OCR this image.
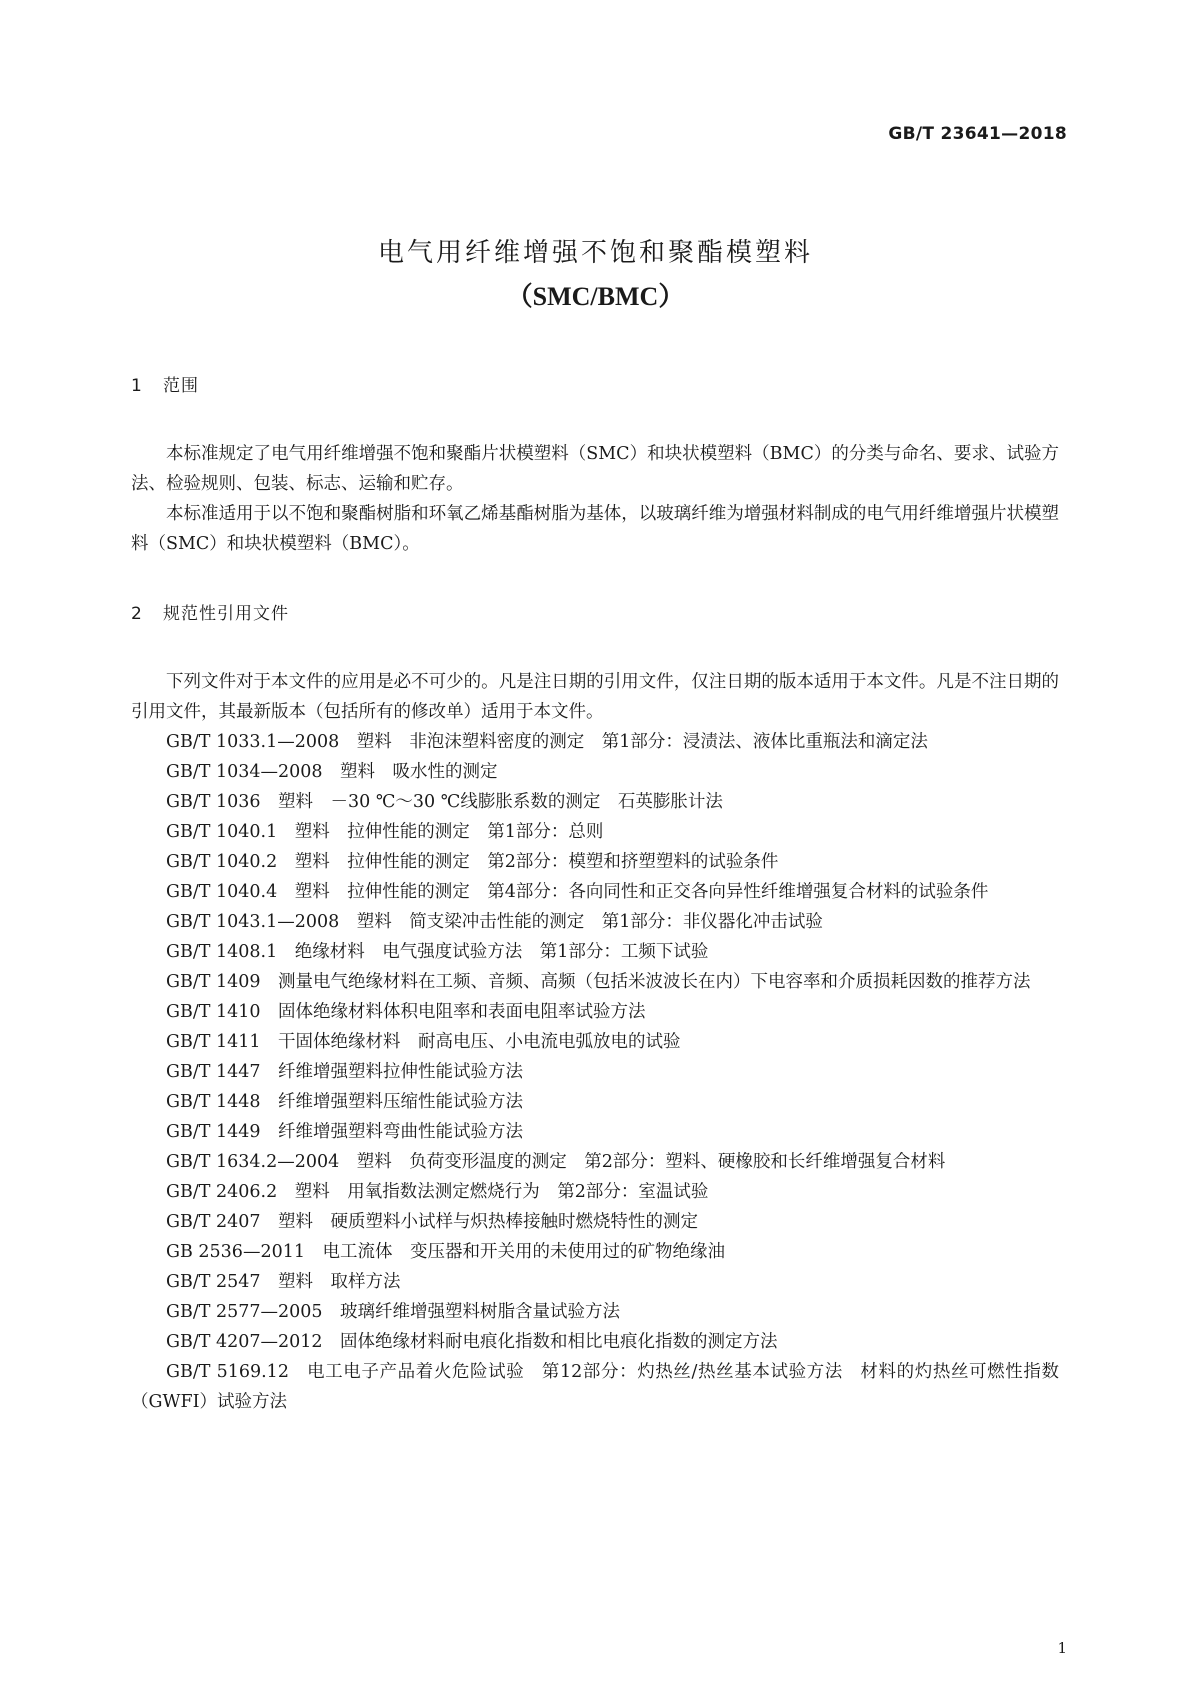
GB/T 23641—2018

电气用纤维增强不饱和聚酯模塑料

（SMC/BMC）

1	范围

本标准规定了电气用纤维增强不饱和聚酯片状模塑料（SMC）和块状模塑料（BMC）的分类与命名、要求、试验方法、检验规则、包装、标志、运输和贮存。

本标准适用于以不饱和聚酯树脂和环氧乙烯基酯树脂为基体，以玻璃纤维为增强材料制成的电气用纤维增强片状模塑料（SMC）和块状模塑料（BMC）。

2	规范性引用文件

下列文件对于本文件的应用是必不可少的。凡是注日期的引用文件，仅注日期的版本适用于本文件。凡是不注日期的引用文件，其最新版本（包括所有的修改单）适用于本文件。

GB/T 1033.1—2008 塑料 非泡沫塑料密度的测定 第1部分：浸渍法、液体比重瓶法和滴定法

GB/T 1034—2008 塑料 吸水性的测定

GB/T 1036 塑料 －30 ℃～30 ℃线膨胀系数的测定 石英膨胀计法

GB/T 1040.1 塑料 拉伸性能的测定 第1部分：总则

GB/T 1040.2 塑料 拉伸性能的测定 第2部分：模塑和挤塑塑料的试验条件

GB/T 1040.4 塑料 拉伸性能的测定 第4部分：各向同性和正交各向异性纤维增强复合材料的试验条件

GB/T 1043.1—2008 塑料 简支梁冲击性能的测定 第1部分：非仪器化冲击试验

GB/T 1408.1 绝缘材料 电气强度试验方法 第1部分：工频下试验

GB/T 1409 测量电气绝缘材料在工频、音频、高频（包括米波波长在内）下电容率和介质损耗因数的推荐方法

GB/T 1410 固体绝缘材料体积电阻率和表面电阻率试验方法

GB/T 1411 干固体绝缘材料 耐高电压、小电流电弧放电的试验

GB/T 1447 纤维增强塑料拉伸性能试验方法

GB/T 1448 纤维增强塑料压缩性能试验方法

GB/T 1449 纤维增强塑料弯曲性能试验方法

GB/T 1634.2—2004 塑料 负荷变形温度的测定 第2部分：塑料、硬橡胶和长纤维增强复合材料

GB/T 2406.2 塑料 用氧指数法测定燃烧行为 第2部分：室温试验

GB/T 2407 塑料 硬质塑料小试样与炽热棒接触时燃烧特性的测定

GB 2536—2011 电工流体 变压器和开关用的未使用过的矿物绝缘油

GB/T 2547 塑料 取样方法

GB/T 2577—2005 玻璃纤维增强塑料树脂含量试验方法

GB/T 4207—2012 固体绝缘材料耐电痕化指数和相比电痕化指数的测定方法

GB/T 5169.12 电工电子产品着火危险试验 第12部分：灼热丝/热丝基本试验方法 材料的灼热丝可燃性指数（GWFI）试验方法

1
